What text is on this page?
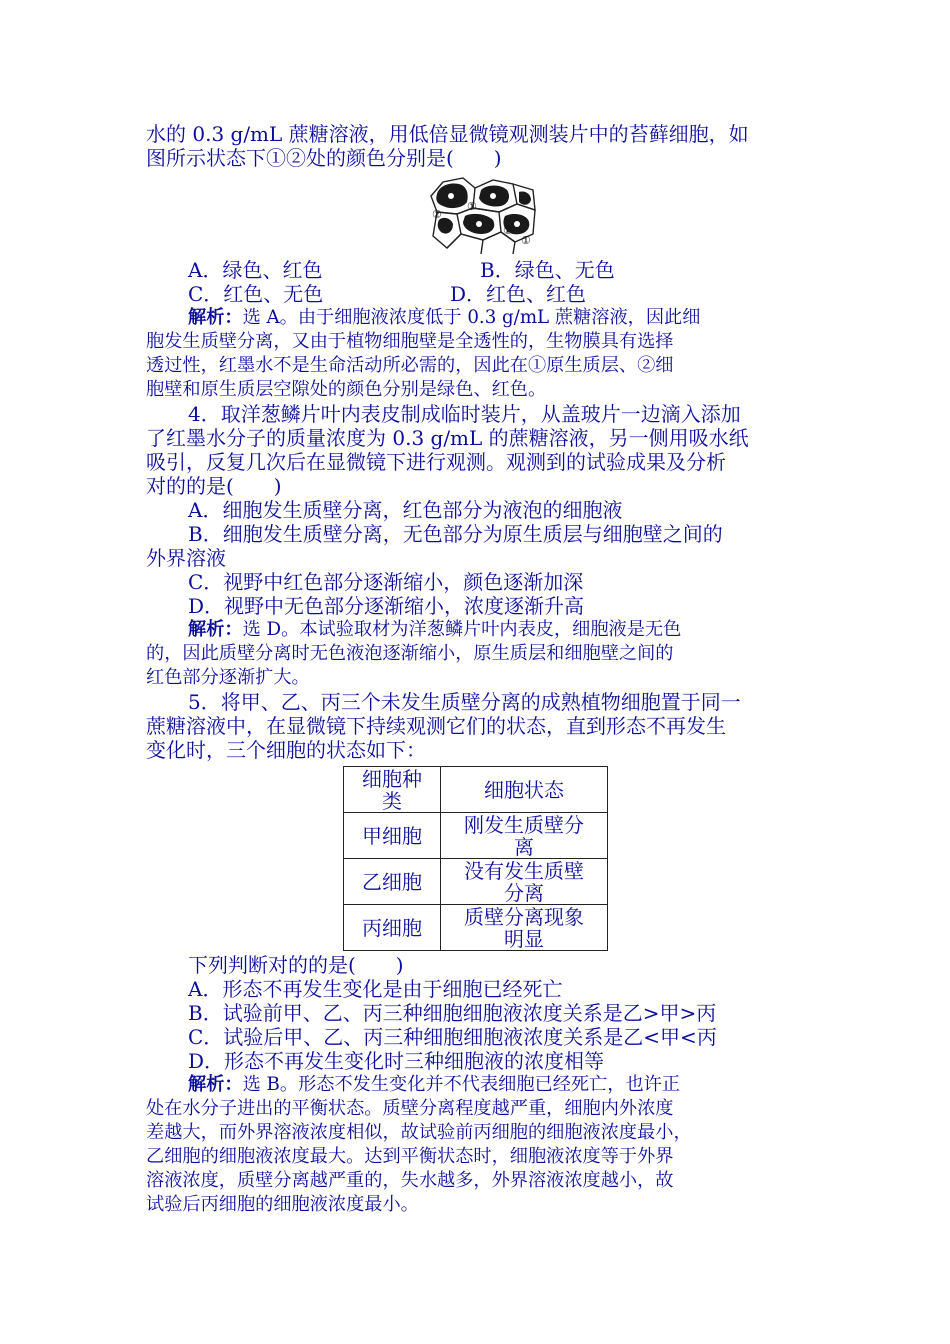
水的 0.3 g/mL 蔗糖溶液，用低倍显微镜观测装片中的苔藓细胞，如
图所示状态下①②处的颜色分别是(　　)
②
①
②
①
A．绿色、红色	B．绿色、无色
C．红色、无色	D．红色、红色
解析：选 A。由于细胞液浓度低于 0.3 g/mL 蔗糖溶液，因此细
胞发生质壁分离，又由于植物细胞壁是全透性的，生物膜具有选择
透过性，红墨水不是生命活动所必需的，因此在①原生质层、②细
胞壁和原生质层空隙处的颜色分别是绿色、红色。
4．取洋葱鳞片叶内表皮制成临时装片，从盖玻片一边滴入添加
了红墨水分子的质量浓度为 0.3 g/mL 的蔗糖溶液，另一侧用吸水纸
吸引，反复几次后在显微镜下进行观测。观测到的试验成果及分析
对的的是(　　)
A．细胞发生质壁分离，红色部分为液泡的细胞液
B．细胞发生质壁分离，无色部分为原生质层与细胞壁之间的
外界溶液
C．视野中红色部分逐渐缩小，颜色逐渐加深
D．视野中无色部分逐渐缩小，浓度逐渐升高
解析：选 D。本试验取材为洋葱鳞片叶内表皮，细胞液是无色
的，因此质壁分离时无色液泡逐渐缩小，原生质层和细胞壁之间的
红色部分逐渐扩大。
5．将甲、乙、丙三个未发生质壁分离的成熟植物细胞置于同一
蔗糖溶液中，在显微镜下持续观测它们的状态，直到形态不再发生
变化时，三个细胞的状态如下：
细胞种
类	细胞状态

甲细胞	刚发生质壁分
离

乙细胞	没有发生质壁
分离

丙细胞	质壁分离现象
明显
下列判断对的的是(　　)
A．形态不再发生变化是由于细胞已经死亡
B．试验前甲、乙、丙三种细胞细胞液浓度关系是乙>甲>丙
C．试验后甲、乙、丙三种细胞细胞液浓度关系是乙<甲<丙
D．形态不再发生变化时三种细胞液的浓度相等
解析：选 B。形态不发生变化并不代表细胞已经死亡，也许正
处在水分子进出的平衡状态。质壁分离程度越严重，细胞内外浓度
差越大，而外界溶液浓度相似，故试验前丙细胞的细胞液浓度最小，
乙细胞的细胞液浓度最大。达到平衡状态时，细胞液浓度等于外界
溶液浓度，质壁分离越严重的，失水越多，外界溶液浓度越小，故
试验后丙细胞的细胞液浓度最小。
